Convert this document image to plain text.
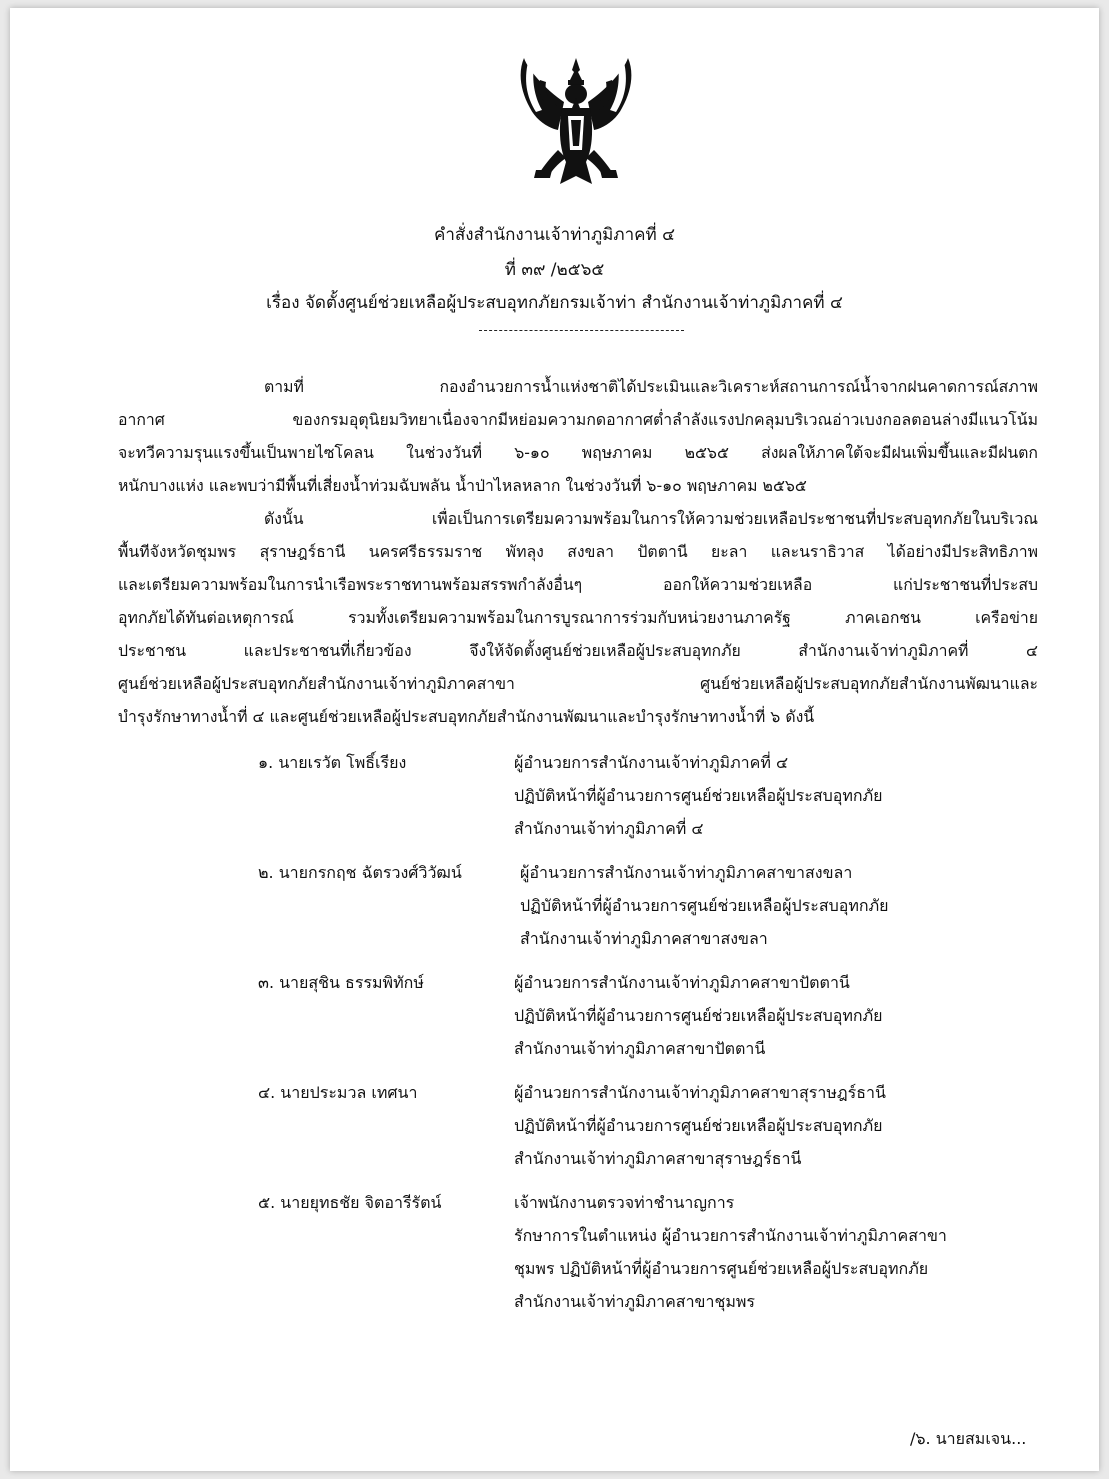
คำสั่งสำนักงานเจ้าท่าภูมิภาคที่ ๔
ที่ ๓๙ /๒๕๖๕
เรื่อง จัดตั้งศูนย์ช่วยเหลือผู้ประสบอุทกภัยกรมเจ้าท่า สำนักงานเจ้าท่าภูมิภาคที่ ๔
ตามที่ กองอำนวยการน้ำแห่งชาติได้ประเมินและวิเคราะห์สถานการณ์น้ำจากฝนคาดการณ์สภาพ
อากาศ ของกรมอุตุนิยมวิทยาเนื่องจากมีหย่อมความกดอากาศต่ำลำลังแรงปกคลุมบริเวณอ่าวเบงกอลตอนล่างมีแนวโน้ม
จะทวีความรุนแรงขึ้นเป็นพายไซโคลน ในช่วงวันที่ ๖-๑๐ พฤษภาคม ๒๕๖๕ ส่งผลให้ภาคใต้จะมีฝนเพิ่มขึ้นและมีฝนตก
หนักบางแห่ง และพบว่ามีพื้นที่เสี่ยงน้ำท่วมฉับพลัน น้ำป่าไหลหลาก ในช่วงวันที่ ๖-๑๐ พฤษภาคม ๒๕๖๕
ดังนั้น เพื่อเป็นการเตรียมความพร้อมในการให้ความช่วยเหลือประชาชนที่ประสบอุทกภัยในบริเวณ
พื้นทีจังหวัดชุมพร สุราษฎร์ธานี นครศรีธรรมราช พัทลุง สงขลา ปัตตานี ยะลา และนราธิวาส ได้อย่างมีประสิทธิภาพ
และเตรียมความพร้อมในการนำเรือพระราชทานพร้อมสรรพกำลังอื่นๆ ออกให้ความช่วยเหลือ แก่ประชาชนที่ประสบ
อุทกภัยได้ทันต่อเหตุการณ์ รวมทั้งเตรียมความพร้อมในการบูรณาการร่วมกับหน่วยงานภาครัฐ ภาคเอกชน เครือข่าย
ประชาชน และประชาชนที่เกี่ยวข้อง จึงให้จัดตั้งศูนย์ช่วยเหลือผู้ประสบอุทกภัย สำนักงานเจ้าท่าภูมิภาคที่ ๔
ศูนย์ช่วยเหลือผู้ประสบอุทกภัยสำนักงานเจ้าท่าภูมิภาคสาขา ศูนย์ช่วยเหลือผู้ประสบอุทกภัยสำนักงานพัฒนาและ
บำรุงรักษาทางน้ำที่ ๔ และศูนย์ช่วยเหลือผู้ประสบอุทกภัยสำนักงานพัฒนาและบำรุงรักษาทางน้ำที่ ๖ ดังนี้
๑. นายเรวัต โพธิ์เรียง	ผู้อำนวยการสำนักงานเจ้าท่าภูมิภาคที่ ๔
ปฏิบัติหน้าที่ผู้อำนวยการศูนย์ช่วยเหลือผู้ประสบอุทกภัย
สำนักงานเจ้าท่าภูมิภาคที่ ๔
๒. นายกรกฤช ฉัตรวงศ์วิวัฒน์	ผู้อำนวยการสำนักงานเจ้าท่าภูมิภาคสาขาสงขลา
ปฏิบัติหน้าที่ผู้อำนวยการศูนย์ช่วยเหลือผู้ประสบอุทกภัย
สำนักงานเจ้าท่าภูมิภาคสาขาสงขลา
๓. นายสุชิน ธรรมพิทักษ์	ผู้อำนวยการสำนักงานเจ้าท่าภูมิภาคสาขาปัตตานี
ปฏิบัติหน้าที่ผู้อำนวยการศูนย์ช่วยเหลือผู้ประสบอุทกภัย
สำนักงานเจ้าท่าภูมิภาคสาขาปัตตานี
๔. นายประมวล เทศนา	ผู้อำนวยการสำนักงานเจ้าท่าภูมิภาคสาขาสุราษฎร์ธานี
ปฏิบัติหน้าที่ผู้อำนวยการศูนย์ช่วยเหลือผู้ประสบอุทกภัย
สำนักงานเจ้าท่าภูมิภาคสาขาสุราษฎร์ธานี
๕. นายยุทธชัย จิตอารีรัตน์	เจ้าพนักงานตรวจท่าชำนาญการ
รักษาการในตำแหน่ง ผู้อำนวยการสำนักงานเจ้าท่าภูมิภาคสาขา
ชุมพร ปฏิบัติหน้าที่ผู้อำนวยการศูนย์ช่วยเหลือผู้ประสบอุทกภัย
สำนักงานเจ้าท่าภูมิภาคสาขาชุมพร
/๖. นายสมเจน...
